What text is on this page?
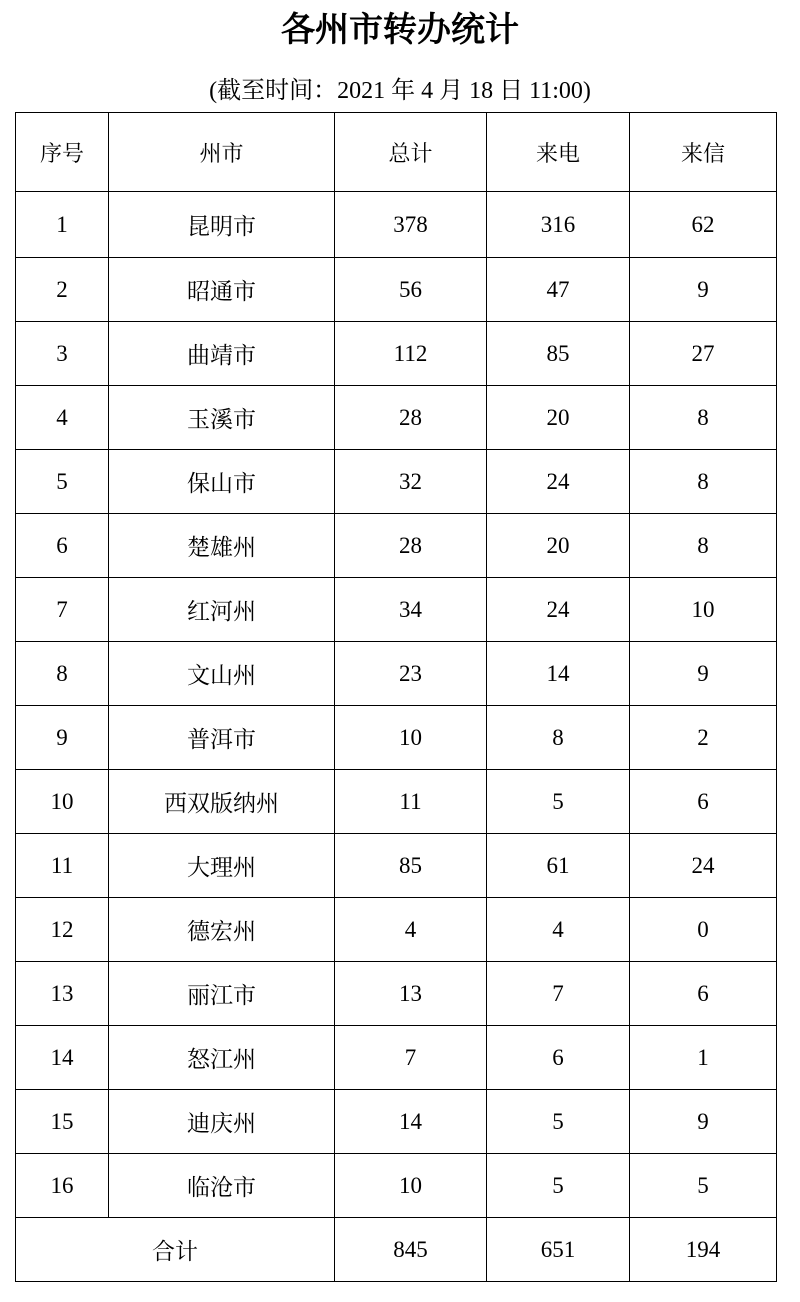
各州市转办统计
(截至时间：2021 年 4 月 18 日 11:00)
序号	州市	总计	来电	来信
1	昆明市	378	316	62
2	昭通市	56	47	9
3	曲靖市	112	85	27
4	玉溪市	28	20	8
5	保山市	32	24	8
6	楚雄州	28	20	8
7	红河州	34	24	10
8	文山州	23	14	9
9	普洱市	10	8	2
10	西双版纳州	11	5	6
11	大理州	85	61	24
12	德宏州	4	4	0
13	丽江市	13	7	6
14	怒江州	7	6	1
15	迪庆州	14	5	9
16	临沧市	10	5	5
合计		845	651	194
